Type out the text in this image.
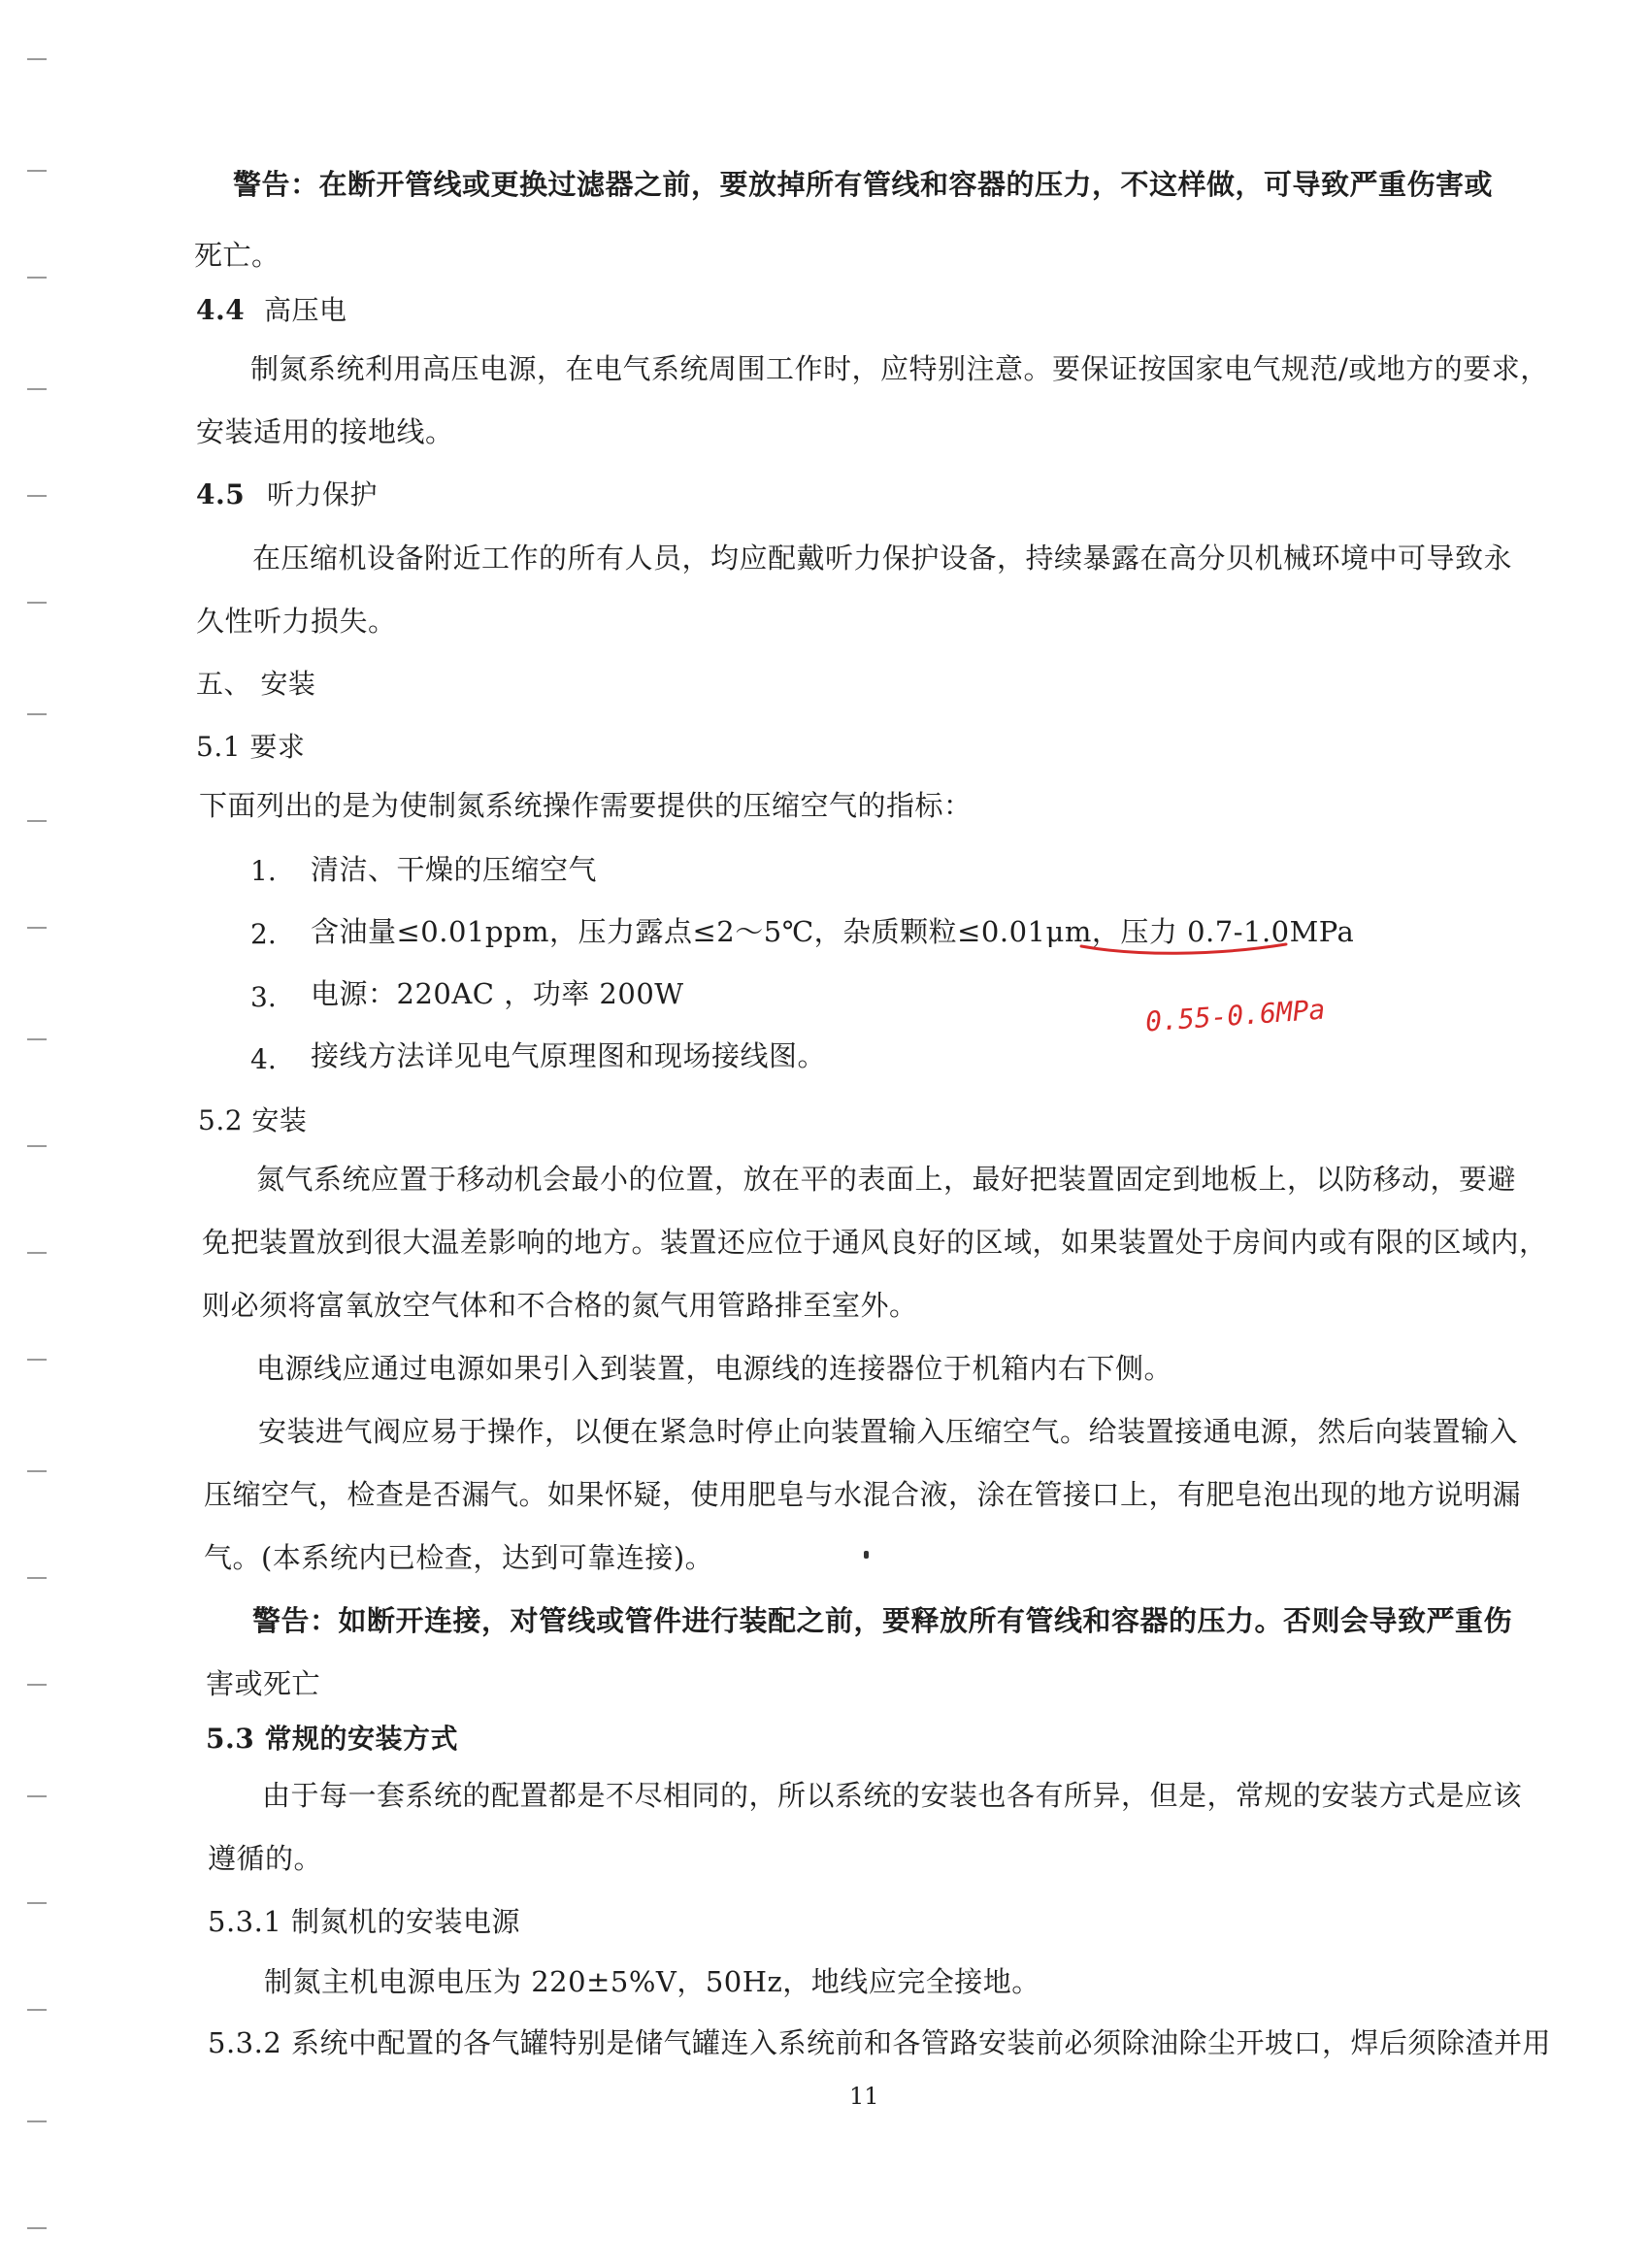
警告：在断开管线或更换过滤器之前，要放掉所有管线和容器的压力，不这样做，可导致严重伤害或
死亡。
4.4 高压电
制氮系统利用高压电源，在电气系统周围工作时，应特别注意。要保证按国家电气规范/或地方的要求，
安装适用的接地线。
4.5 听力保护
在压缩机设备附近工作的所有人员，均应配戴听力保护设备，持续暴露在高分贝机械环境中可导致永
久性听力损失。
五、 安装
5.1 要求
下面列出的是为使制氮系统操作需要提供的压缩空气的指标：
1. 清洁、干燥的压缩空气
2. 含油量≤0.01ppm，压力露点≤2～5℃，杂质颗粒≤0.01μm，压力 0.7-1.0MPa
3. 电源：220AC ，功率 200W	0.55-0.6MPa
4. 接线方法详见电气原理图和现场接线图。
5.2 安装
氮气系统应置于移动机会最小的位置，放在平的表面上，最好把装置固定到地板上，以防移动，要避
免把装置放到很大温差影响的地方。装置还应位于通风良好的区域，如果装置处于房间内或有限的区域内，
则必须将富氧放空气体和不合格的氮气用管路排至室外。
电源线应通过电源如果引入到装置，电源线的连接器位于机箱内右下侧。
安装进气阀应易于操作，以便在紧急时停止向装置输入压缩空气。给装置接通电源，然后向装置输入
压缩空气，检查是否漏气。如果怀疑，使用肥皂与水混合液，涂在管接口上，有肥皂泡出现的地方说明漏
气。(本系统内已检查，达到可靠连接)。
警告：如断开连接，对管线或管件进行装配之前，要释放所有管线和容器的压力。否则会导致严重伤
害或死亡
5.3 常规的安装方式
由于每一套系统的配置都是不尽相同的，所以系统的安装也各有所异，但是，常规的安装方式是应该
遵循的。
5.3.1 制氮机的安装电源
制氮主机电源电压为 220±5%V，50Hz，地线应完全接地。
5.3.2 系统中配置的各气罐特别是储气罐连入系统前和各管路安装前必须除油除尘开坡口，焊后须除渣并用
11
